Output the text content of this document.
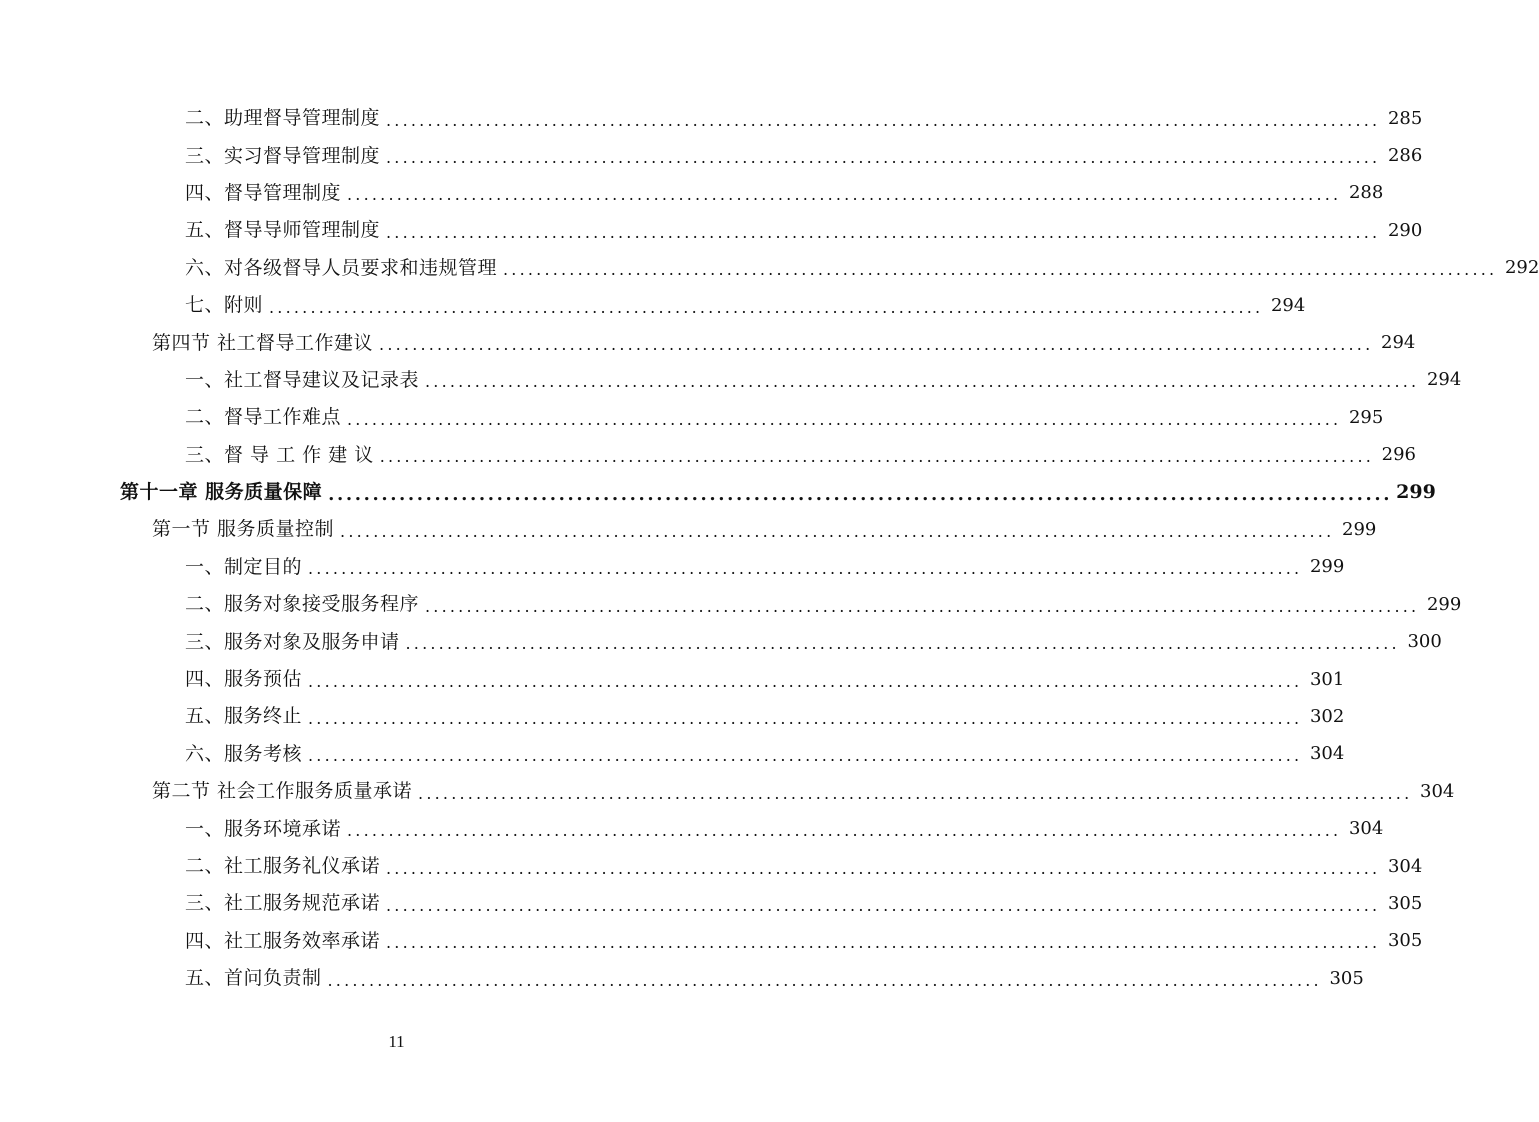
二、助理督导管理制度 ........................................................................................................................ 285
三、实习督导管理制度 ........................................................................................................................ 286
四、督导管理制度 ........................................................................................................................ 288
五、督导导师管理制度 ........................................................................................................................ 290
六、对各级督导人员要求和违规管理 ........................................................................................................................ 292
七、附则 ........................................................................................................................ 294
第四节 社工督导工作建议 ........................................................................................................................ 294
一、社工督导建议及记录表 ........................................................................................................................ 294
二、督导工作难点 ........................................................................................................................ 295
三、督 导 工 作 建 议 ........................................................................................................................ 296
第十一章 服务质量保障 ........................................................................................................................ 299
第一节 服务质量控制 ........................................................................................................................ 299
一、制定目的 ........................................................................................................................ 299
二、服务对象接受服务程序 ........................................................................................................................ 299
三、服务对象及服务申请 ........................................................................................................................ 300
四、服务预估 ........................................................................................................................ 301
五、服务终止 ........................................................................................................................ 302
六、服务考核 ........................................................................................................................ 304
第二节 社会工作服务质量承诺 ........................................................................................................................ 304
一、服务环境承诺 ........................................................................................................................ 304
二、社工服务礼仪承诺 ........................................................................................................................ 304
三、社工服务规范承诺 ........................................................................................................................ 305
四、社工服务效率承诺 ........................................................................................................................ 305
五、首问负责制 ........................................................................................................................ 305
11
